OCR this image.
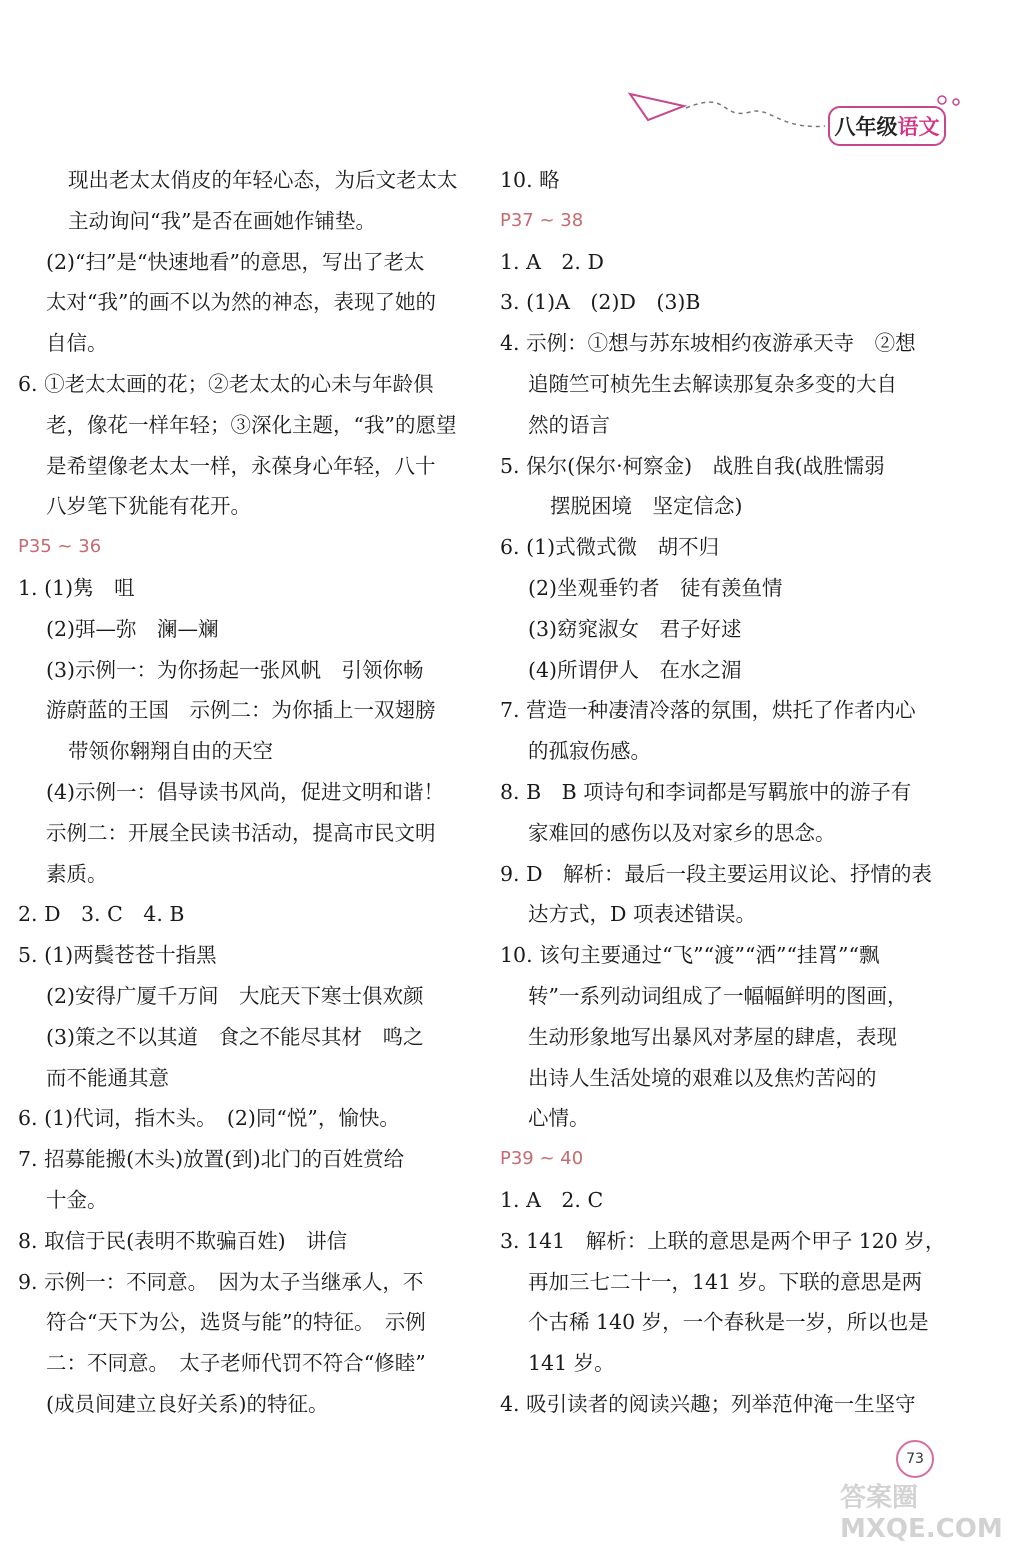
八年级 语文
现出老太太俏皮的年轻心态，为后文老太太
主动询问“我”是否在画她作铺垫。
(2)“扫”是“快速地看”的意思，写出了老太
太对“我”的画不以为然的神态，表现了她的
自信。
6. ①老太太画的花；②老太太的心未与年龄俱
老，像花一样年轻；③深化主题，“我”的愿望
是希望像老太太一样，永葆身心年轻，八十
八岁笔下犹能有花开。
P35 ~ 36
1. (1)隽　咀
(2)弭—弥　澜—斓
(3)示例一：为你扬起一张风帆　引领你畅
游蔚蓝的王国　示例二：为你插上一双翅膀
带领你翱翔自由的天空
(4)示例一：倡导读书风尚，促进文明和谐！
示例二：开展全民读书活动，提高市民文明
素质。
2. D　3. C　4. B
5. (1)两鬓苍苍十指黑
(2)安得广厦千万间　大庇天下寒士俱欢颜
(3)策之不以其道　食之不能尽其材　鸣之
而不能通其意
6. (1)代词，指木头。　(2)同“悦”，愉快。
7. 招募能搬(木头)放置(到)北门的百姓赏给
十金。
8. 取信于民(表明不欺骗百姓)　讲信
9. 示例一：不同意。　因为太子当继承人，不
符合“天下为公，选贤与能”的特征。　示例
二：不同意。　太子老师代罚不符合“修睦”
(成员间建立良好关系)的特征。
10. 略
P37 ~ 38
1. A　2. D
3. (1)A　(2)D　(3)B
4. 示例：①想与苏东坡相约夜游承天寺　②想
追随竺可桢先生去解读那复杂多变的大自
然的语言
5. 保尔(保尔·柯察金)　战胜自我(战胜懦弱
摆脱困境　坚定信念)
6. (1)式微式微　胡不归
(2)坐观垂钓者　徒有羡鱼情
(3)窈窕淑女　君子好逑
(4)所谓伊人　在水之湄
7. 营造一种凄清冷落的氛围，烘托了作者内心
的孤寂伤感。
8. B　B 项诗句和李词都是写羁旅中的游子有
家难回的感伤以及对家乡的思念。
9. D　解析：最后一段主要运用议论、抒情的表
达方式，D 项表述错误。
10. 该句主要通过“飞”“渡”“洒”“挂罥”“飘
转”一系列动词组成了一幅幅鲜明的图画，
生动形象地写出暴风对茅屋的肆虐，表现
出诗人生活处境的艰难以及焦灼苦闷的
心情。
P39 ~ 40
1. A　2. C
3. 141　解析：上联的意思是两个甲子 120 岁，
再加三七二十一，141 岁。下联的意思是两
个古稀 140 岁，一个春秋是一岁，所以也是
141 岁。
4. 吸引读者的阅读兴趣；列举范仲淹一生坚守
73
答案圈 MXQE.COM
